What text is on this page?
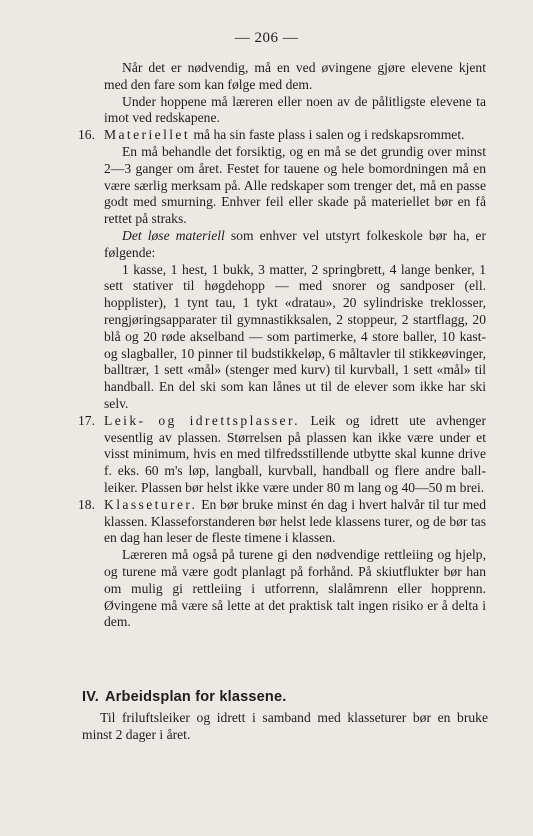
— 206 —

Når det er nødvendig, må en ved øvingene gjøre elevene kjent med den fare som kan følge med dem.

Under hoppene må læreren eller noen av de pålitligste elevene ta imot ved redskapene.

16. Materiellet må ha sin faste plass i salen og i redskapsrommet.

En må behandle det forsiktig, og en må se det grundig over minst 2—3 ganger om året. Festet for tauene og hele bomordningen må en være særlig merksam på. Alle redskaper som trenger det, må en passe godt med smurning. Enhver feil eller skade på materiellet bør en få rettet på straks.

Det løse materiell som enhver vel utstyrt folkeskole bør ha, er følgende:

1 kasse, 1 hest, 1 bukk, 3 matter, 2 springbrett, 4 lange benker, 1 sett stativer til høgdehopp — med snorer og sandposer (ell. hopplister), 1 tynt tau, 1 tykt «dratau», 20 sylindriske treklosser, rengjøringsapparater til gymnastikksalen, 2 stoppeur, 2 startflagg, 20 blå og 20 røde akselband — som partimerke, 4 store baller, 10 kast- og slagballer, 10 pinner til budstikkeløp, 6 måltavler til stikkeøvinger, balltrær, 1 sett «mål» (stenger med kurv) til kurvball, 1 sett «mål» til handball. En del ski som kan lånes ut til de elever som ikke har ski selv.

17. Leik- og idrettsplasser. Leik og idrett ute avhenger vesentlig av plassen. Størrelsen på plassen kan ikke være under et visst minimum, hvis en med tilfredsstillende utbytte skal kunne drive f. eks. 60 m's løp, langball, kurvball, handball og flere andre ball-leiker. Plassen bør helst ikke være under 80 m lang og 40—50 m brei.

18. Klasseturer. En bør bruke minst én dag i hvert halvår til tur med klassen. Klasseforstanderen bør helst lede klassens turer, og de bør tas en dag han leser de fleste timene i klassen.

Læreren må også på turene gi den nødvendige rettleiing og hjelp, og turene må være godt planlagt på forhånd. På skiutflukter bør han om mulig gi rettleiing i utforrenn, slalåmrenn eller hopprenn. Øvingene må være så lette at det praktisk talt ingen risiko er å delta i dem.

IV. Arbeidsplan for klassene.

Til friluftsleiker og idrett i samband med klasseturer bør en bruke minst 2 dager i året.
